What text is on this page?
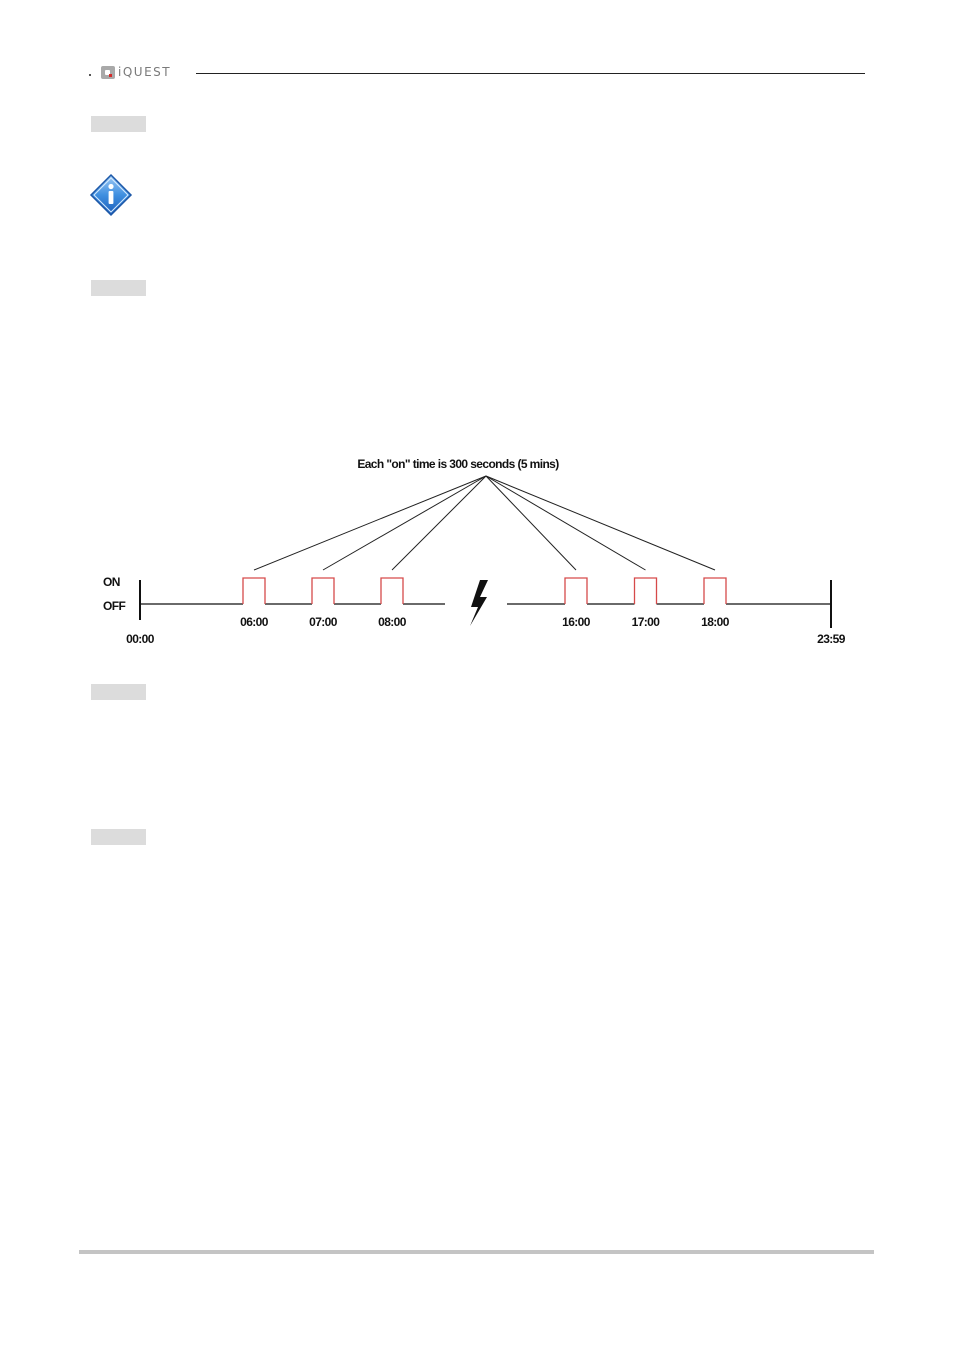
iQUEST
Each "on" time is 300 seconds (5 mins)
ON
OFF
06:00	07:00	08:00	16:00	17:00	18:00
00:00	23:59
